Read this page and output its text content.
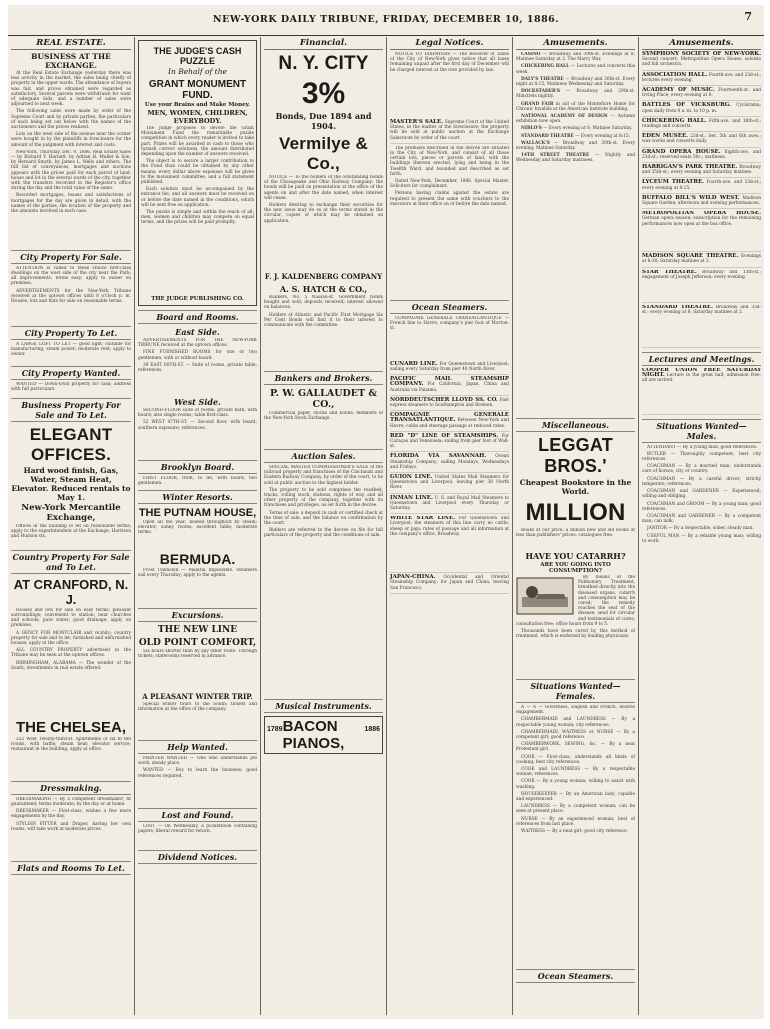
NEW-YORK DAILY TRIBUNE, FRIDAY, DECEMBER 10, 1886.	7
REAL ESTATE.
BUSINESS AT THE EXCHANGE.

At the Real Estate Exchange yesterday there was less activity in the market, the sales being chiefly of property in the upper wards. The attendance of buyers was fair, and prices obtained were regarded as satisfactory. Several parcels were withdrawn for want of adequate bids, and a number of sales were adjourned to next week.

The following sales were made by order of the Supreme Court and by private parties, the particulars of each being set out below with the names of the auctioneers and the prices realized.

Lots on the west side of the avenue near the corner were bought in by the plaintiffs in foreclosure for the amount of the judgment with interest and costs.

New-York, Thursday, Dec. 9, 1886. Real Estate Sales — by Richard V. Harnett, by Adrian H. Muller & Son, by Bernard Smyth, by James L. Wells and others. The full list of conveyances, mortgages and auctions appears with the prices paid for each parcel of land, house and lot in the several wards of the city, together with the transfers recorded in the Register's office during the day and the total value of the same.

Recorded mortgages, leases and satisfactions of mortgages for the day are given in detail, with the names of the parties, the location of the property and the amounts involved in each case.

City Property For Sale.

ATTENTION is called to these choice first-class dwellings on the west side of the city near the Park; all improvements; terms easy; apply to owner on premises.

ADVERTISEMENTS for the New-York Tribune received at the uptown offices until 8 o'clock p. m. Houses, lots and flats for sale on reasonable terms.

City Property To Let.

A LARGE LOFT TO LET — good light; suitable for manufacturing; steam power; moderate rent; apply to owner.

City Property Wanted.

WANTED — Down-town property for cash; address with full particulars.

Business Property For Sale and To Let.
ELEGANT OFFICES.
Hard wood finish, Gas, Water, Steam Heat, Elevator. Reduced rentals to May 1.
New-York Mercantile Exchange,

Offices in the building to let on reasonable terms; apply to the superintendent at the Exchange, Harrison and Hudson sts.

Country Property For Sale and To Let.
AT CRANFORD, N. J.

Houses and lots for sale on easy terms; pleasant surroundings; convenient to station; near churches and schools; pure water; good drainage; apply on premises.

A GENCY FOR MONTCLAIR and vicinity; country property for sale and to let; furnished and unfurnished houses; apply at the office.

ALL COUNTRY PROPERTY advertised in the Tribune may be seen at the uptown offices.

BIRMINGHAM, ALABAMA — The wonder of the South; investments in real estate offered.

THE CHELSEA,

222 West Twenty-third-st. Apartments of six to ten rooms, with baths; steam heat; elevator service; restaurant in the building; apply at office.

Dressmaking.

DRESSMAKING — By a competent dressmaker; fit guaranteed; terms moderate; by the day or at home.

DRESSMAKER — First-class, wishes a few more engagements by the day.

STYLISH FITTER and Draper, having her own rooms, will take work at moderate prices.

Flats and Rooms To Let.
THE JUDGE'S CASH PUZZLE
In Behalf of the
GRANT MONUMENT FUND.
Use your Brains and Make Money.
MEN, WOMEN, CHILDREN, EVERYBODY.

The Judge proposes to devote the Grant Monument Fund the remarkable puzzle competition in which every reader is invited to take part. Prizes will be awarded in cash to those who furnish correct solutions, the amount distributed depending upon the number of answers received.

The object is to secure a larger contribution to the Fund than could be obtained by any other means; every dollar above expenses will be given to the monument committee, and a full statement published.

Each solution must be accompanied by the entrance fee, and all answers must be received on or before the date named in the conditions, which will be sent free on application.

The puzzle is simple and within the reach of all; men, women and children may compete on equal terms, and the prizes will be paid promptly.

THE JUDGE PUBLISHING CO.
Board and Rooms.
East Side.

ADVERTISEMENTS FOR THE NEW-YORK TRIBUNE received at the uptown offices.

FINE FURNISHED ROOMS for one or two gentlemen, with or without board.

39 EAST 60TH-ST. — Suite of rooms, private table; references.

West Side.

SECOND-FLOOR suite of rooms, private bath, with board; also single rooms; table first-class.

52 WEST 47TH-ST. — Second floor, with board; southern exposure; references.

Brooklyn Board.

FIRST FLOOR, front, to let, with board; two gentlemen.

Winter Resorts.
THE PUTNAM HOUSE,

Open all the year; heated throughout by steam; elevator; sunny rooms; excellent table; moderate terms.

BERMUDA.

Frost Unknown — Malaria Impossible. Steamers sail every Thursday; apply to the agents.

Excursions.
THE NEW LINE
OLD POINT COMFORT,

Six hours shorter than by any other route. Through tickets; staterooms reserved in advance.

A PLEASANT WINTER TRIP.

Special winter tours to the South; tickets and information at the office of the company.

Help Wanted.

PRINTER WANTED — One who understands job work; steady place.

WANTED — Boy to learn the business; good references required.

Lost and Found.

LOST — On Wednesday, a pocketbook containing papers; liberal reward for return.

Dividend Notices.
Financial.
N. Y. CITY
3%
Bonds, Due 1894 and 1904.
Vermilye & Co.,

NOTICE — To the holders of the outstanding bonds of the Chesapeake and Ohio Railway Company: the bonds will be paid on presentation at the office of the agents on and after the date named, when interest will cease.

Holders desiring to exchange their securities for the new issue may do so at the terms stated in the circular, copies of which may be obtained on application.

F. J. KALDENBERG COMPANY
A. S. HATCH & CO.,

Bankers, No. 5 Nassau-st. Government bonds bought and sold; deposits received; interest allowed on balances.

Holders of Atlantic and Pacific First Mortgage Six Per Cent Bonds will find it to their interest to communicate with the committee.

Bankers and Brokers.
P. W. GALLAUDET & CO.,

Commercial paper, stocks and bonds; members of the New-York Stock Exchange.

Auction Sales.

SPECIAL MASTER COMMISSIONER'S SALE of the railroad property and franchises of the Cincinnati and Eastern Railway Company, by order of the court, to be sold at public auction to the highest bidder.

The property to be sold comprises the roadbed, tracks, rolling stock, stations, rights of way, and all other property of the company, together with its franchises and privileges, as set forth in the decree.

Terms of sale: a deposit in cash or certified check at the time of sale, and the balance on confirmation by the court.

Bidders are referred to the decree on file for full particulars of the property and the conditions of sale.

Musical Instruments.
1789 BACON PIANOS,
1886
Legal Notices.

NOTICE TO TAXPAYERS — The Receiver of Taxes of the City of New-York gives notice that all taxes remaining unpaid after the first day of December will be charged interest at the rate provided by law.

MASTER'S SALE. Supreme Court of the United States, in the matter of the foreclosure; the property will be sold at public auction at the Exchange Salesroom by order of the court.

The premises described in the decree are situated in the City of New-York, and consist of all those certain lots, pieces or parcels of land, with the buildings thereon erected, lying and being in the Twelfth Ward, and bounded and described as set forth.

Dated New-York, December, 1886. Special Master. Solicitors for complainant.

Persons having claims against the estate are required to present the same with vouchers to the executors at their office on or before the date named.

Ocean Steamers.

COMPAGNIE GENERALE TRANSATLANTIQUE — French line to Havre; company's pier foot of Morton-st.

CUNARD LINE. For Queenstown and Liverpool; sailing every Saturday from pier 40 North River.
PACIFIC MAIL STEAMSHIP COMPANY. For California, Japan, China and Australia via Panama.
NORDDEUTSCHER LLOYD SS. CO. Fast express steamers to Southampton and Bremen.
COMPAGNIE GENERALE TRANSATLANTIQUE. Between New-York and Havre; cabin and steerage passage at reduced rates.
RED "D" LINE OF STEAMSHIPS. For Curaçao and Venezuela; sailing from pier foot of Wall-st.
FLORIDA VIA SAVANNAH. Ocean Steamship Company; sailing Mondays, Wednesdays and Fridays.
GUION LINE. United States Mail Steamers for Queenstown and Liverpool, leaving pier 38 North River.
INMAN LINE. U. S. and Royal Mail Steamers to Queenstown and Liverpool every Thursday or Saturday.
WHITE STAR LINE. For Queenstown and Liverpool; the steamers of this line carry no cattle, sheep or pigs; rates of passage and all information at the company's office, Broadway.
JAPAN-CHINA. Occidental and Oriental Steamship Company; for Japan and China, leaving San Francisco.
Amusements.

CASINO — Broadway and 39th-st. Evenings at 8; Matinee Saturday at 2. The Marry War.

CHICKERING HALL — Lectures and concerts this week.

DALY'S THEATRE — Broadway and 30th-st. Every night at 8:15; Matinees Wednesday and Saturday.

DOCKSTADER'S — Broadway and 29th-st. Minstrels nightly.

GRAND FAIR in aid of the Montefiore Home for Chronic Invalids at the American Institute building.

NATIONAL ACADEMY OF DESIGN — Autumn exhibition now open.

NIBLO'S — Every evening at 8; Matinee Saturday.

STANDARD THEATRE — Every evening at 8:15.

WALLACK'S — Broadway and 30th-st. Every evening; Matinee Saturday.

14TH STREET THEATRE — Nightly and Wednesday and Saturday matinees.

Miscellaneous.
LEGGAT BROS.'
Cheapest Bookstore in the World.
MILLION

Books at our price; a million new and old books at less than publishers' prices; catalogues free.

HAVE YOU CATARRH?
ARE YOU GOING INTO CONSUMPTION?

By means of the Pulmonary Treatment, breathed directly into the diseased organs, catarrh and consumption may be cured; the remedy reaches the seat of the disease; send for circular and testimonials of cures; consultation free; office hours from 9 to 5.

Thousands have been cured by this method of treatment, which is endorsed by leading physicians.

Situations Wanted—Females.

A — A — Governess, English and French, desires engagement.

CHAMBERMAID and LAUNDRESS — By a respectable young woman; city references.

CHAMBERMAID, WAITRESS or NURSE — By a competent girl; good reference.

CHAMBERWORK, SEWING, &c. — By a neat Protestant girl.

COOK — First-class; understands all kinds of cooking; best city references.

COOK and LAUNDRESS — By a respectable woman; references.

COOK — By a young woman; willing to assist with washing.

HOUSEKEEPER — By an American lady; capable and experienced.

LAUNDRESS — By a competent woman; can be seen at present place.

NURSE — By an experienced woman; best of references from last place.

WAITRESS — By a neat girl; good city reference.

Ocean Steamers.
Amusements.
SYMPHONY SOCIETY OF NEW-YORK. Second concert; Metropolitan Opera House; soloists and full orchestra.
ASSOCIATION HALL. Fourth-ave. and 23d-st.; lectures every evening.
ACADEMY OF MUSIC. Fourteenth-st. and Irving Place; every evening at 8.
BATTLES OF VICKSBURG. Cyclorama; open daily from 9 a. m. to 10 p. m.
CHICKERING HALL. Fifth-ave. and 18th-st.; readings and concerts.
EDEN MUSEE. 23d-st., bet. 5th and 6th aves.; wax works and concerts daily.
GRAND OPERA HOUSE. Eighth-ave. and 23d-st.; reserved seats 50c.; matinees.
HARRIGAN'S PARK THEATRE. Broadway and 35th-st.; every evening and Saturday matinee.
LYCEUM THEATRE. Fourth-ave. and 23d-st.; every evening at 8:15.
BUFFALO BILL'S WILD WEST. Madison Square Garden; afternoon and evening performances.
METROPOLITAN OPERA HOUSE. German opera season; subscription for the remaining performances now open at the box office.
MADISON SQUARE THEATRE. Evenings at 8:30; Saturday matinee at 2.
STAR THEATRE. Broadway and 13th-st.; engagement of Joseph Jefferson; every evening.
STANDARD THEATRE. Broadway and 33d-st.; every evening at 8; Saturday matinee at 2.
Lectures and Meetings.
COOPER UNION FREE SATURDAY NIGHT. Lecture in the great hall; admission free; all are invited.
Situations Wanted—Males.

ATTENDANT — By a young man; good references.

BUTLER — Thoroughly competent; best city references.

COACHMAN — By a married man; understands care of horses; city or country.

COACHMAN — By a careful driver; strictly temperate; references.

COACHMAN and GARDENER — Experienced; willing and obliging.

COACHMAN and GROOM — By a young man; good references.

COACHMAN and GARDENER — By a competent man; can milk.

JANITOR — By a respectable, sober, steady man.

USEFUL MAN — By a reliable young man; willing to work.
